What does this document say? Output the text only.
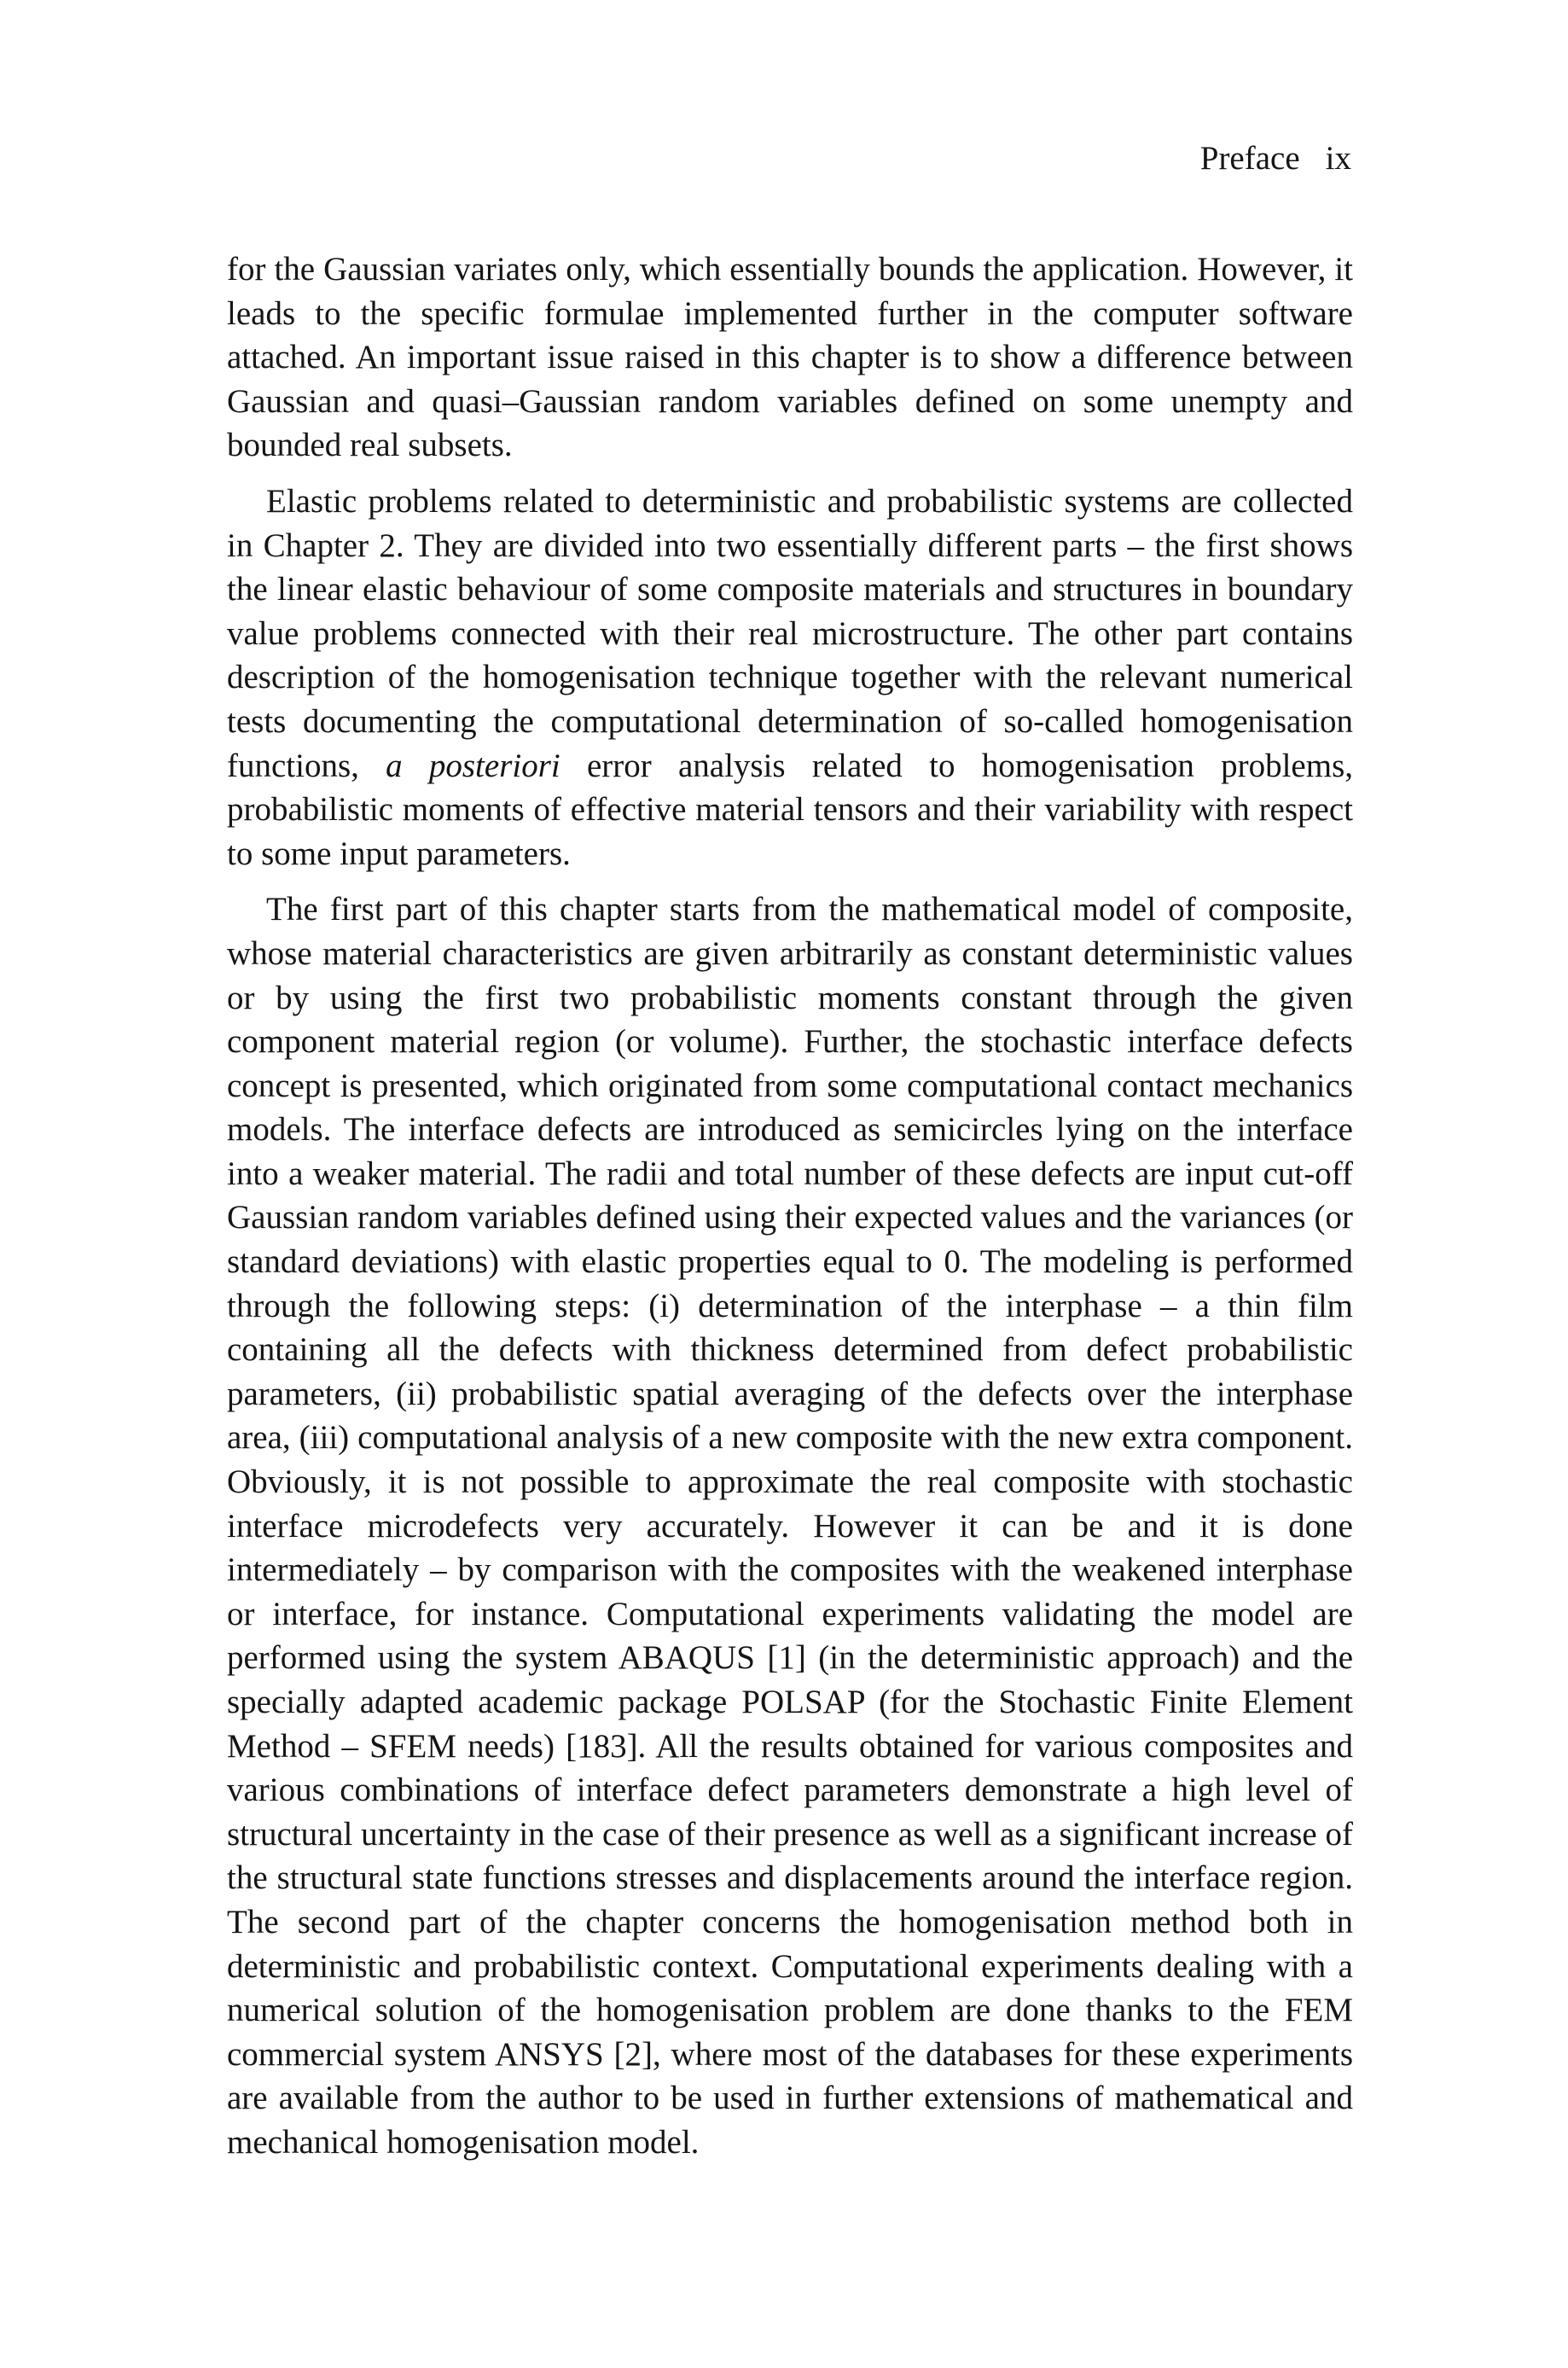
Preface ix

for the Gaussian variates only, which essentially bounds the application. However, it leads to the specific formulae implemented further in the computer software attached. An important issue raised in this chapter is to show a difference between Gaussian and quasi–Gaussian random variables defined on some unempty and bounded real subsets.

Elastic problems related to deterministic and probabilistic systems are collected in Chapter 2. They are divided into two essentially different parts – the first shows the linear elastic behaviour of some composite materials and structures in boundary value problems connected with their real microstructure. The other part contains description of the homogenisation technique together with the relevant numerical tests documenting the computational determination of so-called homogenisation functions, a posteriori error analysis related to homogenisation problems, probabilistic moments of effective material tensors and their variability with respect to some input parameters.

The first part of this chapter starts from the mathematical model of composite, whose material characteristics are given arbitrarily as constant deterministic values or by using the first two probabilistic moments constant through the given component material region (or volume). Further, the stochastic interface defects concept is presented, which originated from some computational contact mechanics models. The interface defects are introduced as semicircles lying on the interface into a weaker material. The radii and total number of these defects are input cut-off Gaussian random variables defined using their expected values and the variances (or standard deviations) with elastic properties equal to 0. The modeling is performed through the following steps: (i) determination of the interphase – a thin film containing all the defects with thickness determined from defect probabilistic parameters, (ii) probabilistic spatial averaging of the defects over the interphase area, (iii) computational analysis of a new composite with the new extra component. Obviously, it is not possible to approximate the real composite with stochastic interface microdefects very accurately. However it can be and it is done intermediately – by comparison with the composites with the weakened interphase or interface, for instance. Computational experiments validating the model are performed using the system ABAQUS [1] (in the deterministic approach) and the specially adapted academic package POLSAP (for the Stochastic Finite Element Method – SFEM needs) [183]. All the results obtained for various composites and various combinations of interface defect parameters demonstrate a high level of structural uncertainty in the case of their presence as well as a significant increase of the structural state functions stresses and displacements around the interface region. The second part of the chapter concerns the homogenisation method both in deterministic and probabilistic context. Computational experiments dealing with a numerical solution of the homogenisation problem are done thanks to the FEM commercial system ANSYS [2], where most of the databases for these experiments are available from the author to be used in further extensions of mathematical and mechanical homogenisation model.
